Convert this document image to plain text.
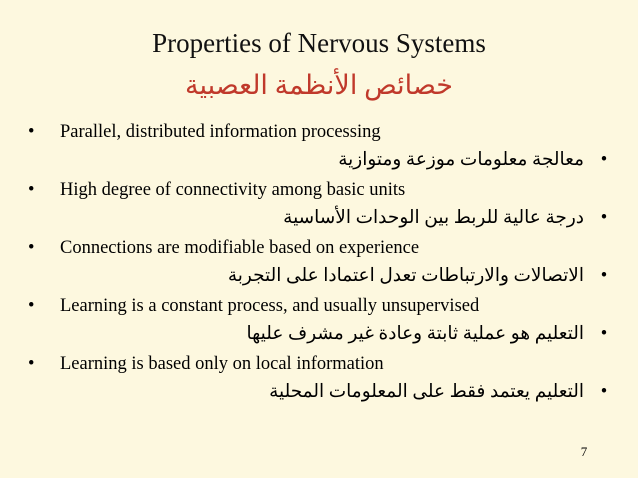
Properties of Nervous Systems
خصائص الأنظمة العصبية
•	Parallel, distributed information processing
•معالجة معلومات موزعة ومتوازية
•	High degree of connectivity among basic units
•درجة عالية للربط بين الوحدات الأساسية
•	Connections are modifiable based on experience
•الاتصالات والارتباطات تعدل اعتمادا على التجربة
•	Learning is a constant process, and usually unsupervised
•التعليم هو عملية ثابتة وعادة غير مشرف عليها
•	Learning is based only on local information
•التعليم يعتمد فقط على المعلومات المحلية
7
